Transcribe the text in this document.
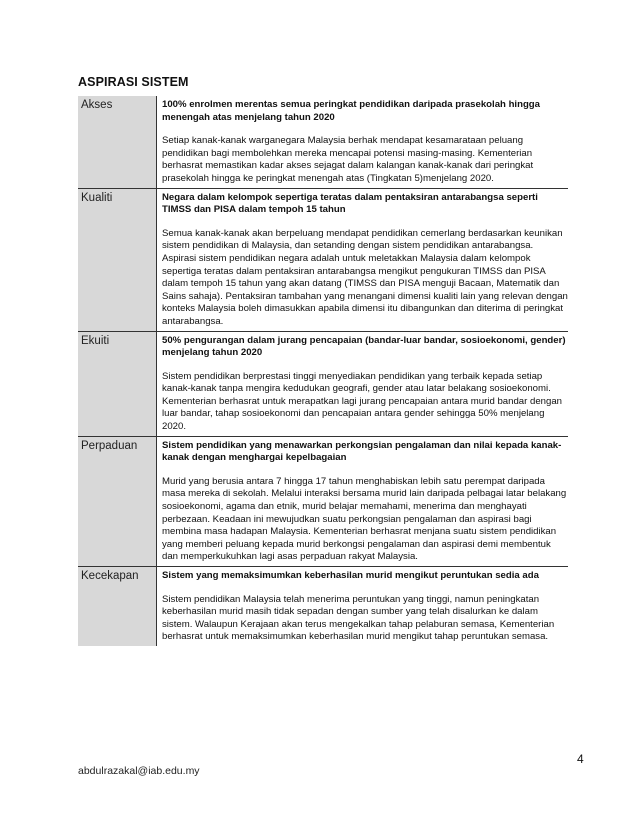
ASPIRASI SISTEM
Akses	100% enrolmen merentas semua peringkat pendidikan daripada prasekolah hingga menengah atas menjelang tahun 2020
Setiap kanak-kanak warganegara Malaysia berhak mendapat kesamarataan peluang pendidikan bagi membolehkan mereka mencapai potensi masing-masing. Kementerian berhasrat memastikan kadar akses sejagat dalam kalangan kanak-kanak dari peringkat prasekolah hingga ke peringkat menengah atas (Tingkatan 5)menjelang 2020.
Kualiti	Negara dalam kelompok sepertiga teratas dalam pentaksiran antarabangsa seperti TIMSS dan PISA dalam tempoh 15 tahun
Semua kanak-kanak akan berpeluang mendapat pendidikan cemerlang berdasarkan keunikan sistem pendidikan di Malaysia, dan setanding dengan sistem pendidikan antarabangsa. Aspirasi sistem pendidikan negara adalah untuk meletakkan Malaysia dalam kelompok sepertiga teratas dalam pentaksiran antarabangsa mengikut pengukuran TIMSS dan PISA dalam tempoh 15 tahun yang akan datang (TIMSS dan PISA menguji Bacaan, Matematik dan Sains sahaja). Pentaksiran tambahan yang menangani dimensi kualiti lain yang relevan dengan konteks Malaysia boleh dimasukkan apabila dimensi itu dibangunkan dan diterima di peringkat antarabangsa.
Ekuiti	50% pengurangan dalam jurang pencapaian (bandar-luar bandar, sosioekonomi, gender) menjelang tahun 2020
Sistem pendidikan berprestasi tinggi menyediakan pendidikan yang terbaik kepada setiap kanak-kanak tanpa mengira kedudukan geografi, gender atau latar belakang sosioekonomi. Kementerian berhasrat untuk merapatkan lagi jurang pencapaian antara murid bandar dengan luar bandar, tahap sosioekonomi dan pencapaian antara gender sehingga 50% menjelang 2020.
Perpaduan	Sistem pendidikan yang menawarkan perkongsian pengalaman dan nilai kepada kanak-kanak dengan menghargai kepelbagaian
Murid yang berusia antara 7 hingga 17 tahun menghabiskan lebih satu perempat daripada masa mereka di sekolah. Melalui interaksi bersama murid lain daripada pelbagai latar belakang sosioekonomi, agama dan etnik, murid belajar memahami, menerima dan menghayati perbezaan. Keadaan ini mewujudkan suatu perkongsian pengalaman dan aspirasi bagi membina masa hadapan Malaysia. Kementerian berhasrat menjana suatu sistem pendidikan yang memberi peluang kepada murid berkongsi pengalaman dan aspirasi demi membentuk dan memperkukuhkan lagi asas perpaduan rakyat Malaysia.
Kecekapan	Sistem yang memaksimumkan keberhasilan murid mengikut peruntukan sedia ada
Sistem pendidikan Malaysia telah menerima peruntukan yang tinggi, namun peningkatan keberhasilan murid masih tidak sepadan dengan sumber yang telah disalurkan ke dalam sistem. Walaupun Kerajaan akan terus mengekalkan tahap pelaburan semasa, Kementerian berhasrat untuk memaksimumkan keberhasilan murid mengikut tahap peruntukan semasa.
4
abdulrazakal@iab.edu.my
